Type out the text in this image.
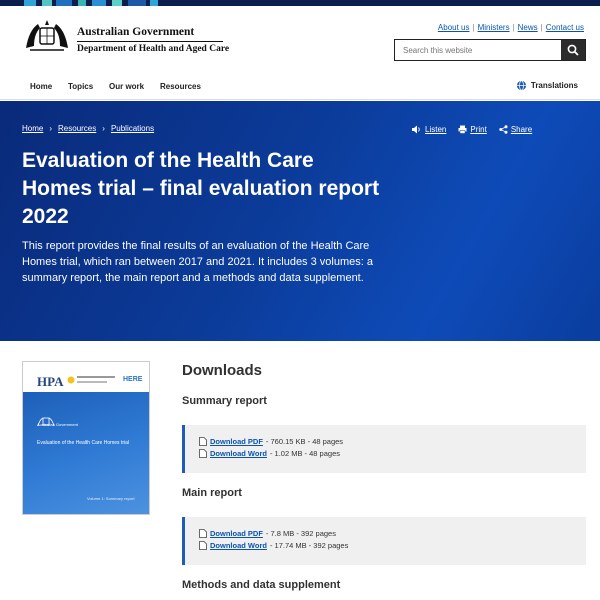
Australian Government
Department of Health and Aged Care
About us | Ministers | News | Contact us
Search this website
Home Topics Our work Resources	Translations
Home › Resources › Publications	Listen	Print	Share
Evaluation of the Health Care Homes trial – final evaluation report 2022

This report provides the final results of an evaluation of the Health Care Homes trial, which ran between 2017 and 2021. It includes 3 volumes: a summary report, the main report and a methods and data supplement.

HPA	HERE
Australian Government
Evaluation of the Health Care Homes trial
Volume 1: Summary report
Downloads
Summary report
Download PDF - 760.15 KB - 48 pages
Download Word - 1.02 MB - 48 pages
Main report
Download PDF - 7.8 MB - 392 pages
Download Word - 17.74 MB - 392 pages
Methods and data supplement
